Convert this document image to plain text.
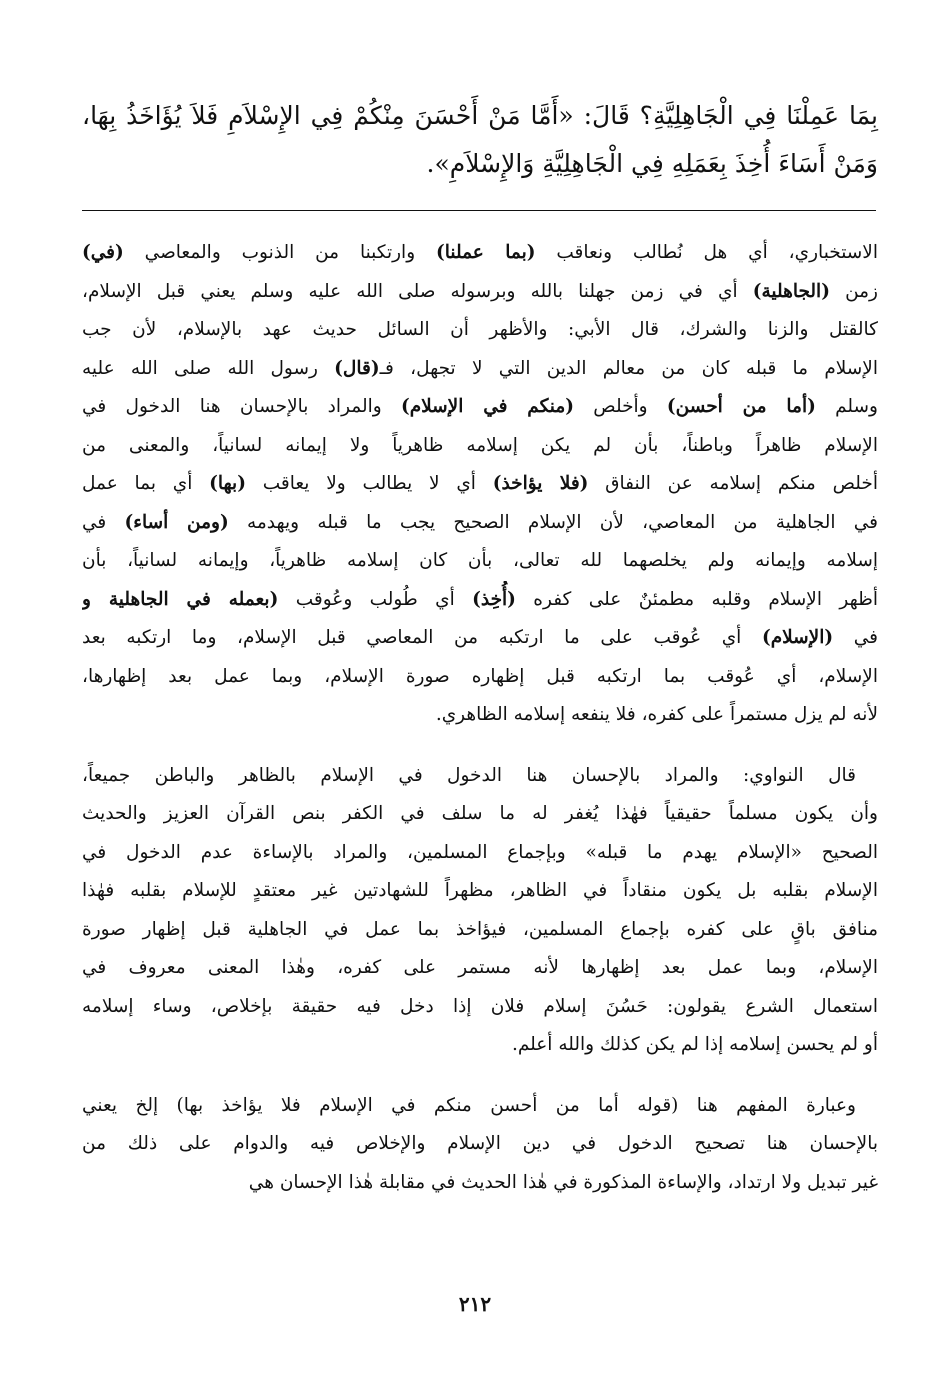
بِمَا عَمِلْنَا فِي الْجَاهِلِيَّةِ؟ قَالَ: «أَمَّا مَنْ أَحْسَنَ مِنْكُمْ فِي الإِسْلاَمِ فَلاَ يُؤَاخَذُ بِهَا،
وَمَنْ أَسَاءَ أُخِذَ بِعَمَلِهِ فِي الْجَاهِلِيَّةِ وَالإِسْلاَمِ».
الاستخباري، أي هل نُطالب ونعاقب (بما عملنا) وارتكبنا من الذنوب والمعاصي (في)
زمن (الجاهلية) أي في زمن جهلنا بالله وبرسوله صلى الله عليه وسلم يعني قبل الإسلام،
كالقتل والزنا والشرك، قال الأبي: والأظهر أن السائل حديث عهد بالإسلام، لأن جب
الإسلام ما قبله كان من معالم الدين التي لا تجهل، فـ(قال) رسول الله صلى الله عليه
وسلم (أما من أحسن) وأخلص (منكم في الإسلام) والمراد بالإحسان هنا الدخول في
الإسلام ظاهراً وباطناً، بأن لم يكن إسلامه ظاهرياً ولا إيمانه لسانياً، والمعنى من
أخلص منكم إسلامه عن النفاق (فلا يؤاخذ) أي لا يطالب ولا يعاقب (بها) أي بما عمل
في الجاهلية من المعاصي، لأن الإسلام الصحيح يجب ما قبله ويهدمه (ومن أساء) في
إسلامه وإيمانه ولم يخلصهما لله تعالى، بأن كان إسلامه ظاهرياً، وإيمانه لسانياً، بأن
أظهر الإسلام وقلبه مطمئنٌ على كفره (أُخِذ) أي طُولب وعُوقب (بعمله في الجاهلية و
في (الإسلام) أي عُوقب على ما ارتكبه من المعاصي قبل الإسلام، وما ارتكبه بعد
الإسلام، أي عُوقب بما ارتكبه قبل إظهاره صورة الإسلام، وبما عمل بعد إظهارها،
لأنه لم يزل مستمراً على كفره، فلا ينفعه إسلامه الظاهري.
قال النواوي: والمراد بالإحسان هنا الدخول في الإسلام بالظاهر والباطن جميعاً،
وأن يكون مسلماً حقيقياً فهٰذا يُغفر له ما سلف في الكفر بنص القرآن العزيز والحديث
الصحيح «الإسلام يهدم ما قبله» وبإجماع المسلمين، والمراد بالإساءة عدم الدخول في
الإسلام بقلبه بل يكون منقاداً في الظاهر، مظهراً للشهادتين غير معتقدٍ للإسلام بقلبه فهٰذا
منافق باقٍ على كفره بإجماع المسلمين، فيؤاخذ بما عمل في الجاهلية قبل إظهار صورة
الإسلام، وبما عمل بعد إظهارها لأنه مستمر على كفره، وهٰذا المعنى معروف في
استعمال الشرع يقولون: حَسُنَ إسلام فلان إذا دخل فيه حقيقة بإخلاص، وساء إسلامه
أو لم يحسن إسلامه إذا لم يكن كذلك والله أعلم.
وعبارة المفهم هنا (قوله أما من أحسن منكم في الإسلام فلا يؤاخذ بها) إلخ يعني
بالإحسان هنا تصحيح الدخول في دين الإسلام والإخلاص فيه والدوام على ذلك من
غير تبديل ولا ارتداد، والإساءة المذكورة في هٰذا الحديث في مقابلة هٰذا الإحسان هي
٢١٢
